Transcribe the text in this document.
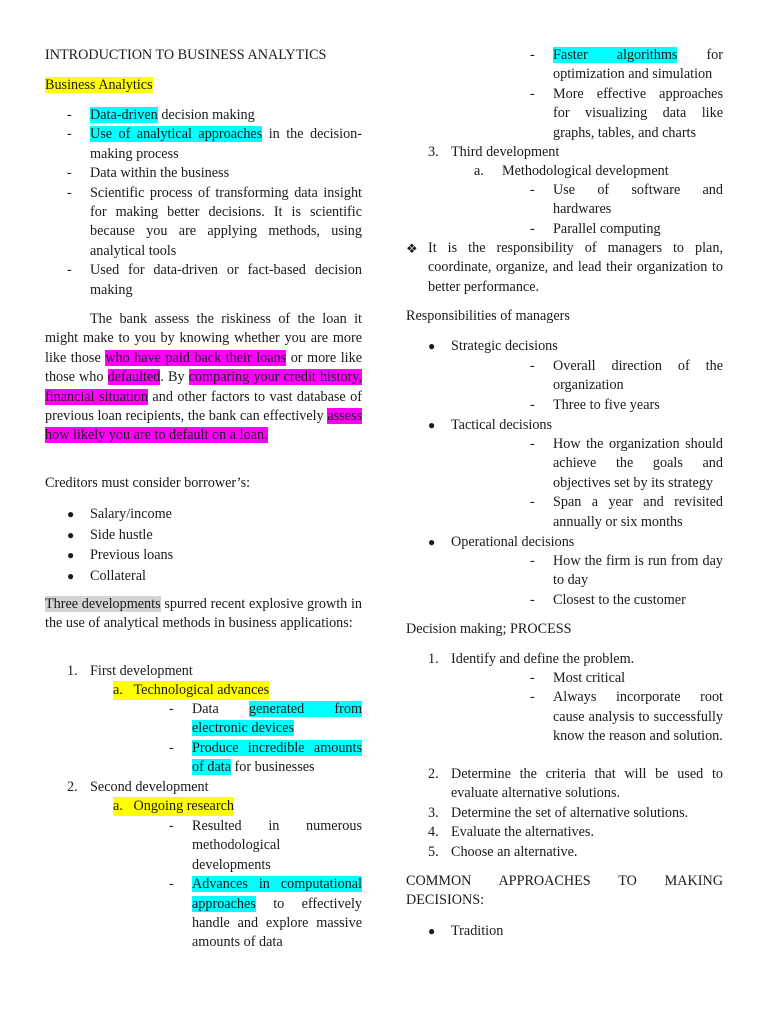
INTRODUCTION TO BUSINESS ANALYTICS
Business Analytics
-	Data-driven decision making
-	Use of analytical approaches in the decision-making process
-	Data within the business
-	Scientific process of transforming data insight for making better decisions. It is scientific because you are applying methods, using analytical tools
-	Used for data-driven or fact-based decision making
The bank assess the riskiness of the loan it might make to you by knowing whether you are more like those who have paid back their loans or more like those who defaulted. By comparing your credit history, financial situation and other factors to vast database of previous loan recipients, the bank can effectively assess how likely you are to default on a loan.
Creditors must consider borrower’s:
●	Salary/income
●	Side hustle
●	Previous loans
●	Collateral
Three developments spurred recent explosive growth in the use of analytical methods in business applications:
1. First development
a. Technological advances
-	Data generated from electronic devices
-	Produce incredible amounts of data for businesses
2. Second development
a. Ongoing research
-	Resulted in numerous methodological developments
-	Advances in computational approaches to effectively handle and explore massive amounts of data
-	Faster algorithms for optimization and simulation
-	More effective approaches for visualizing data like graphs, tables, and charts
3. Third development
a.	Methodological development
-	Use of software and hardwares
-	Parallel computing
❖ It is the responsibility of managers to plan, coordinate, organize, and lead their organization to better performance.
Responsibilities of managers
●	Strategic decisions
-	Overall direction of the organization
-	Three to five years
●	Tactical decisions
-	How the organization should achieve the goals and objectives set by its strategy
-	Span a year and revisited annually or six months
●	Operational decisions
-	How the firm is run from day to day
-	Closest to the customer
Decision making; PROCESS
1. Identify and define the problem.
-	Most critical
-	Always incorporate root cause analysis to successfully know the reason and solution.
2. Determine the criteria that will be used to evaluate alternative solutions.
3. Determine the set of alternative solutions.
4. Evaluate the alternatives.
5. Choose an alternative.
COMMON APPROACHES TO MAKING DECISIONS:
●	Tradition
